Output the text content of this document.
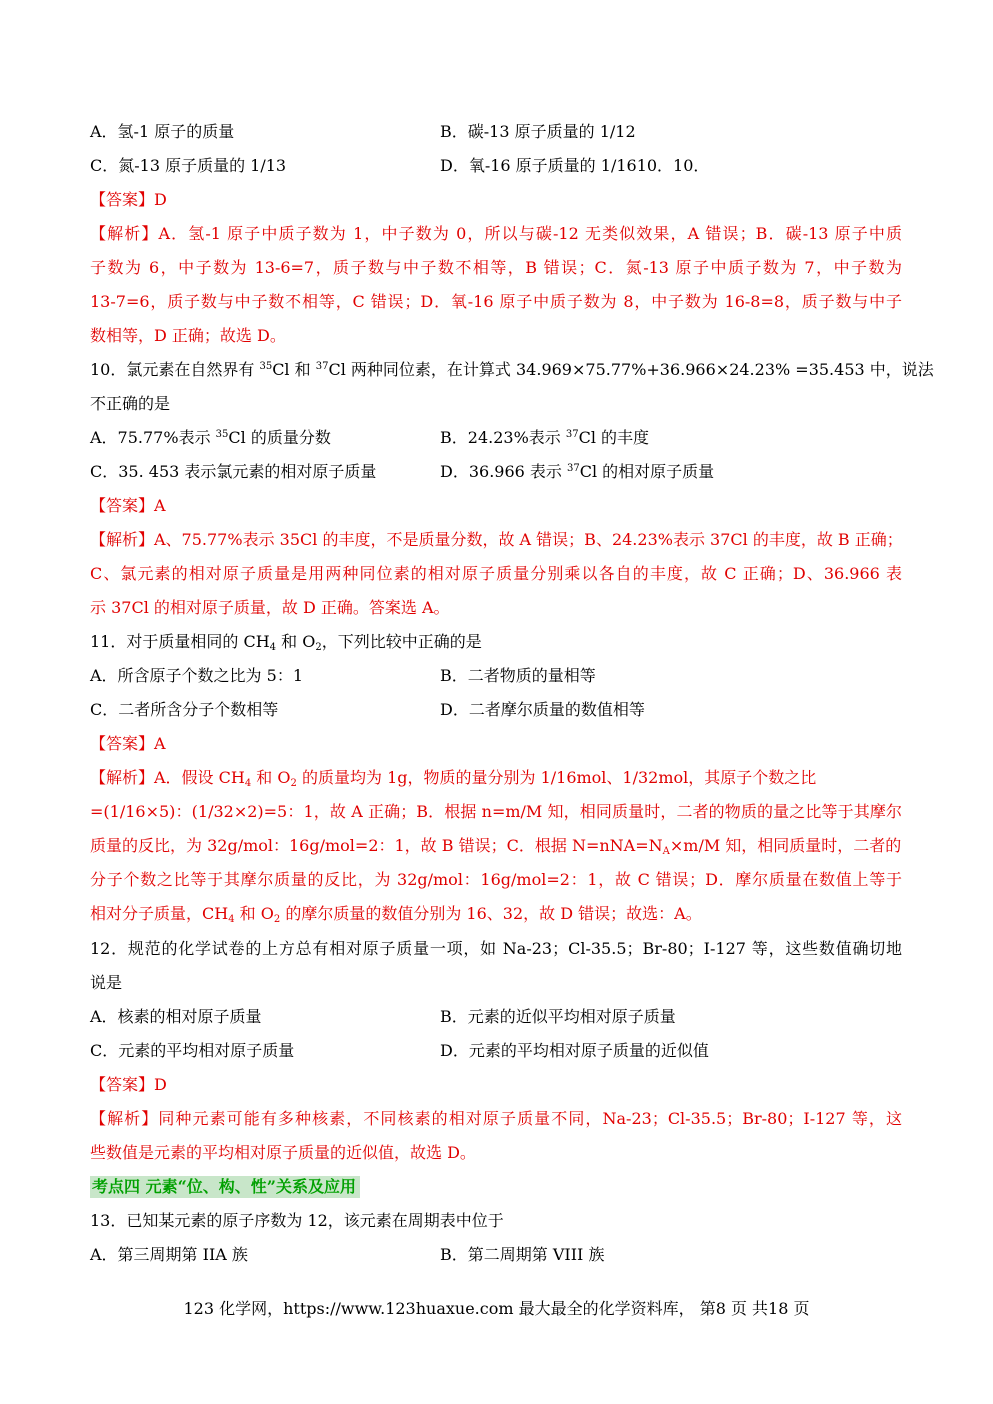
A．氢-1 原子的质量	B．碳-13 原子质量的 1/12
C．氮-13 原子质量的 1/13	D．氧-16 原子质量的 1/1610．10．
【答案】D
【解析】A．氢-1 原子中质子数为 1，中子数为 0，所以与碳-12 无类似效果，A 错误；B．碳-13 原子中质
子数为 6，中子数为 13-6=7，质子数与中子数不相等，B 错误；C．氮-13 原子中质子数为 7，中子数为
13-7=6，质子数与中子数不相等，C 错误；D．氧-16 原子中质子数为 8，中子数为 16-8=8，质子数与中子
数相等，D 正确；故选 D。
10．氯元素在自然界有 $^{35}$Cl 和 $^{37}$Cl 两种同位素，在计算式 34.969×75.77%+36.966×24.23% =35.453 中，说法
不正确的是
A．75.77%表示 $^{35}$Cl 的质量分数	B．24.23%表示 $^{37}$Cl 的丰度
C．35. 453 表示氯元素的相对原子质量	D．36.966 表示 $^{37}$Cl 的相对原子质量
【答案】A
【解析】A、75.77%表示 35Cl 的丰度，不是质量分数，故 A 错误；B、24.23%表示 37Cl 的丰度，故 B 正确；
C、氯元素的相对原子质量是用两种同位素的相对原子质量分别乘以各自的丰度，故 C 正确；D、36.966 表
示 37Cl 的相对原子质量，故 D 正确。答案选 A。
11．对于质量相同的 $CH_4$ 和 $O_2$，下列比较中正确的是
A．所含原子个数之比为 5：1	B．二者物质的量相等
C．二者所含分子个数相等	D．二者摩尔质量的数值相等
【答案】A
【解析】A．假设 $CH_4$ 和 $O_2$ 的质量均为 1g，物质的量分别为 1/16mol、1/32mol，其原子个数之比
=(1/16×5)：(1/32×2)=5：1，故 A 正确；B．根据 n=m/M 知，相同质量时，二者的物质的量之比等于其摩尔
质量的反比，为 32g/mol：16g/mol=2：1，故 B 错误；C．根据 $N=nNA=N_A\times m/M$ 知，相同质量时，二者的
分子个数之比等于其摩尔质量的反比，为 32g/mol：16g/mol=2：1，故 C 错误；D．摩尔质量在数值上等于
相对分子质量，$CH_4$ 和 $O_2$ 的摩尔质量的数值分别为 16、32，故 D 错误；故选：A。
12．规范的化学试卷的上方总有相对原子质量一项，如 Na-23；Cl-35.5；Br-80；I-127 等，这些数值确切地
说是
A．核素的相对原子质量	B．元素的近似平均相对原子质量
C．元素的平均相对原子质量	D．元素的平均相对原子质量的近似值
【答案】D
【解析】同种元素可能有多种核素，不同核素的相对原子质量不同，Na-23；Cl-35.5；Br-80；I-127 等，这
些数值是元素的平均相对原子质量的近似值，故选 D。
考点四 元素“位、构、性”关系及应用
13．已知某元素的原子序数为 12，该元素在周期表中位于
A．第三周期第 IIA 族	B．第二周期第 VIII 族
123 化学网，https://www.123huaxue.com 最大最全的化学资料库， 第8 页 共18 页
